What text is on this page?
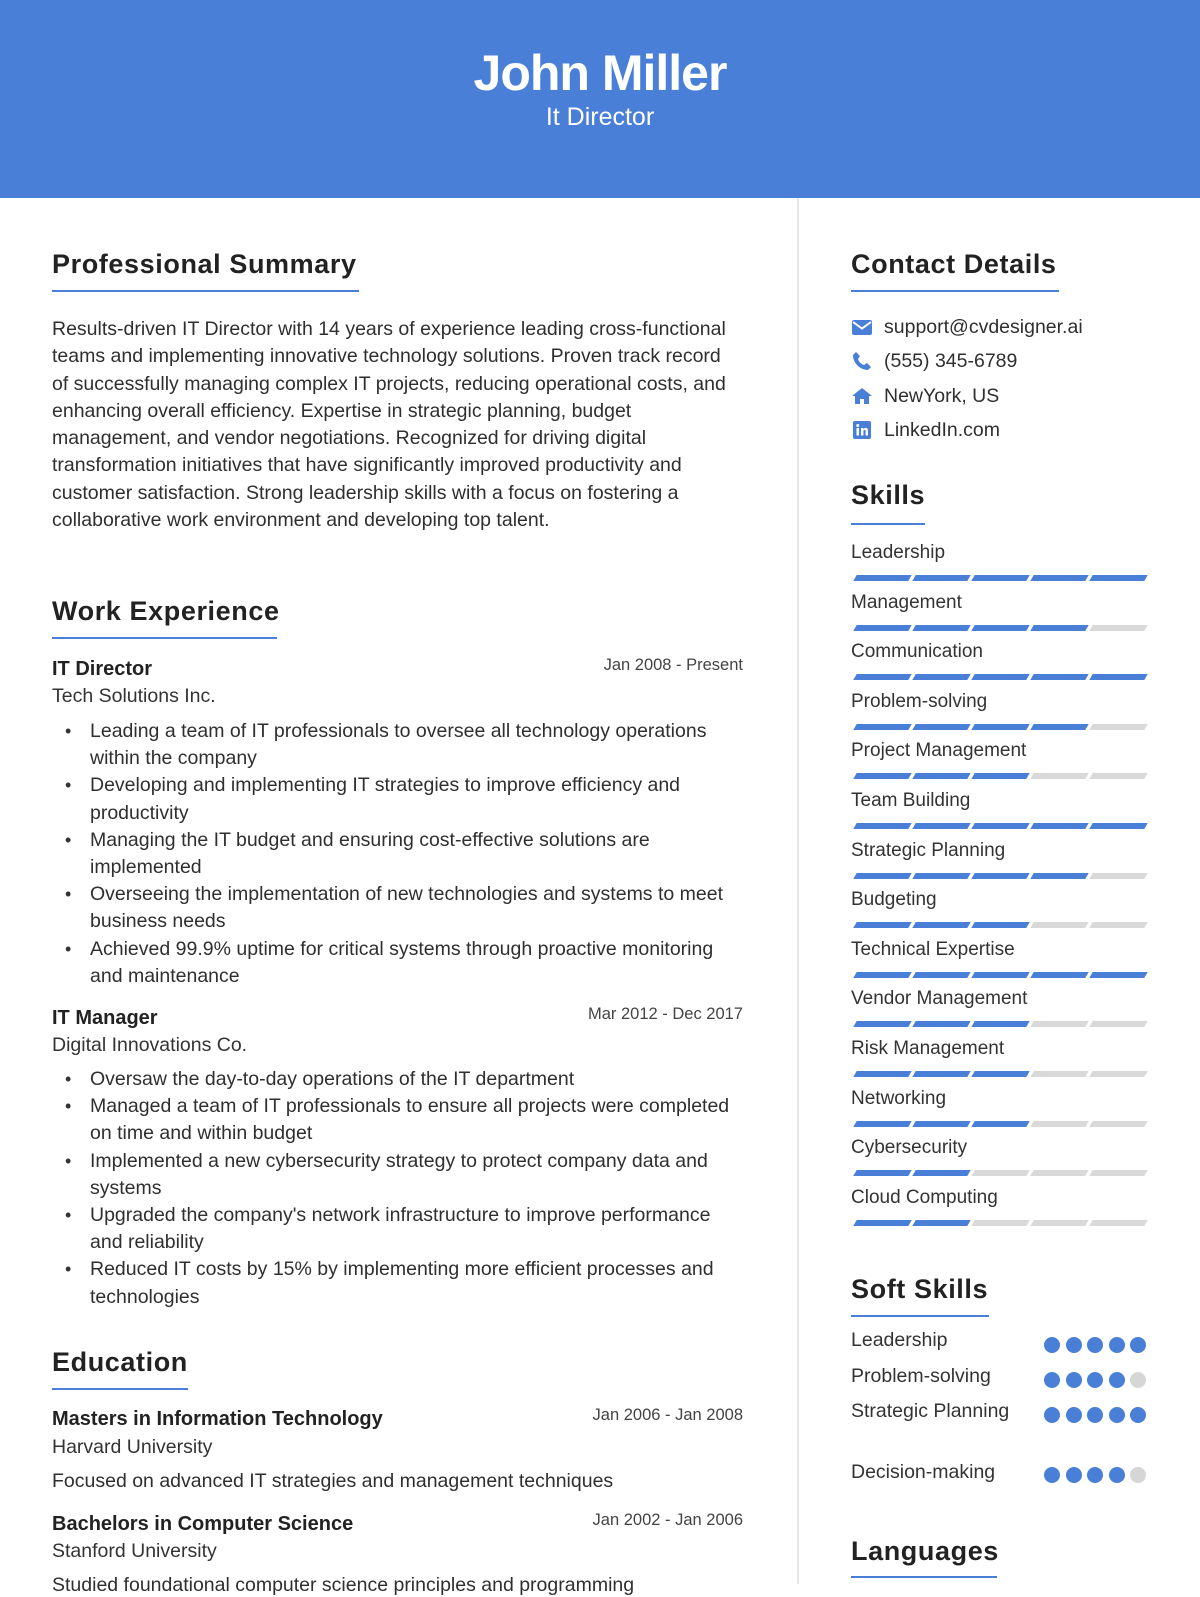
John Miller
It Director
Professional Summary
Results-driven IT Director with 14 years of experience leading cross-functional teams and implementing innovative technology solutions. Proven track record of successfully managing complex IT projects, reducing operational costs, and enhancing overall efficiency. Expertise in strategic planning, budget management, and vendor negotiations. Recognized for driving digital transformation initiatives that have significantly improved productivity and customer satisfaction. Strong leadership skills with a focus on fostering a collaborative work environment and developing top talent.
Work Experience
IT Director	Jan 2008 - Present
Tech Solutions Inc.
• Leading a team of IT professionals to oversee all technology operations within the company
• Developing and implementing IT strategies to improve efficiency and productivity
• Managing the IT budget and ensuring cost-effective solutions are implemented
• Overseeing the implementation of new technologies and systems to meet business needs
• Achieved 99.9% uptime for critical systems through proactive monitoring and maintenance
IT Manager	Mar 2012 - Dec 2017
Digital Innovations Co.
• Oversaw the day-to-day operations of the IT department
• Managed a team of IT professionals to ensure all projects were completed on time and within budget
• Implemented a new cybersecurity strategy to protect company data and systems
• Upgraded the company's network infrastructure to improve performance and reliability
• Reduced IT costs by 15% by implementing more efficient processes and technologies
Education
Masters in Information Technology	Jan 2006 - Jan 2008
Harvard University
Focused on advanced IT strategies and management techniques
Bachelors in Computer Science	Jan 2002 - Jan 2006
Stanford University
Studied foundational computer science principles and programming
Contact Details
support@cvdesigner.ai
(555) 345-6789
NewYork, US
LinkedIn.com
Skills
Leadership
Management
Communication
Problem-solving
Project Management
Team Building
Strategic Planning
Budgeting
Technical Expertise
Vendor Management
Risk Management
Networking
Cybersecurity
Cloud Computing
Soft Skills
Leadership
Problem-solving
Strategic Planning
Decision-making
Languages
